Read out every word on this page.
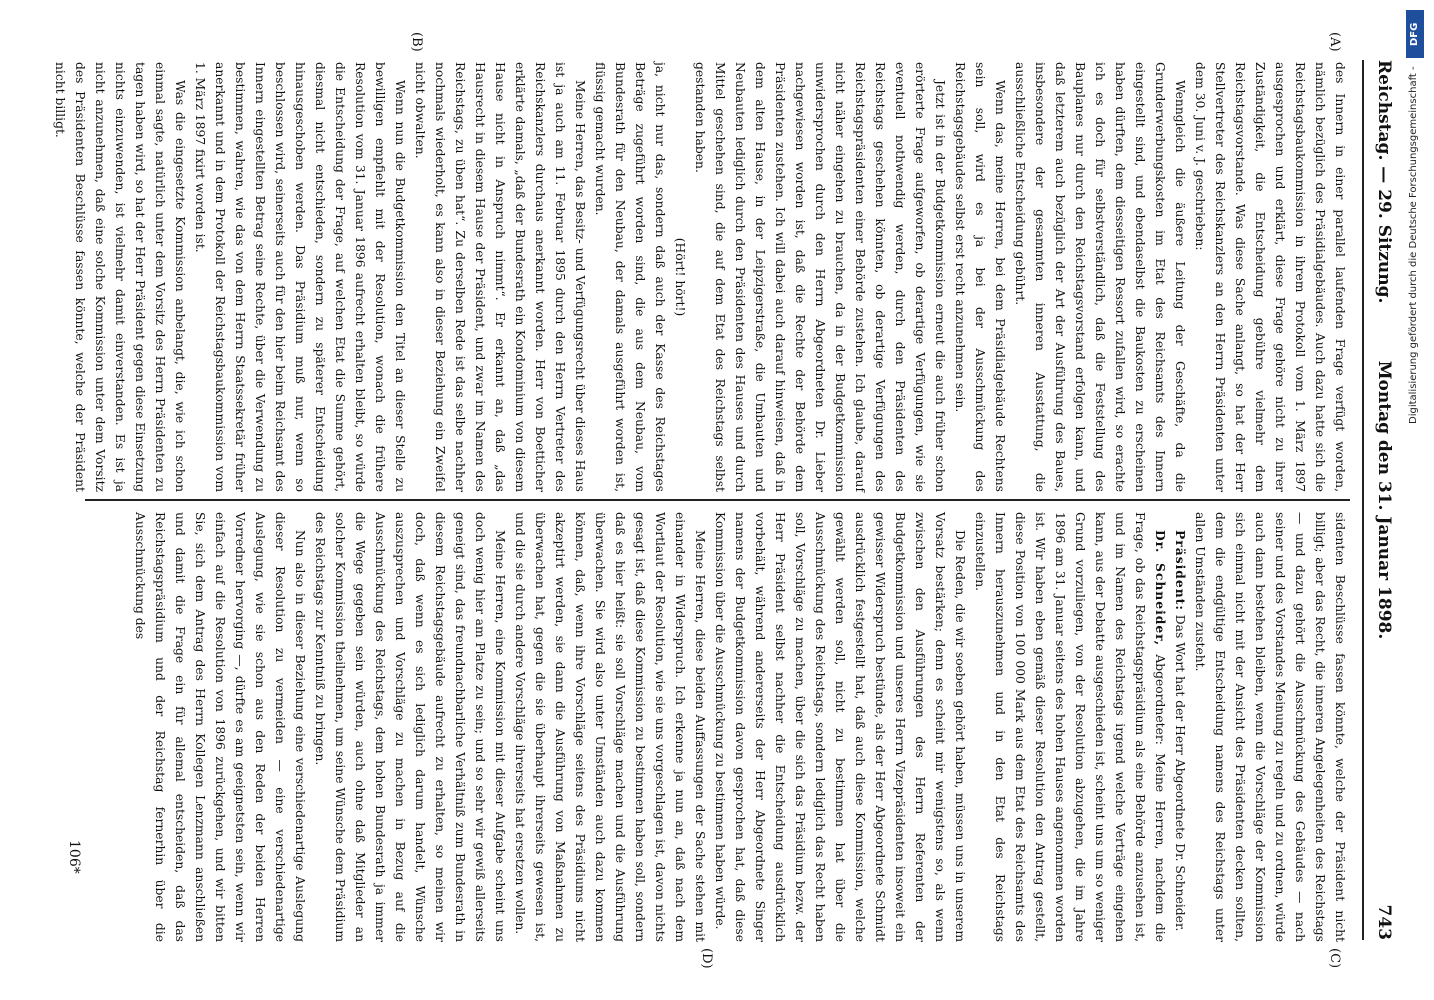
Reichstag. — 29. Sitzung.
Montag den 31. Januar 1898.
743
(A)
(B)
(C)
(D)

des Innern in einer parallel laufenden Frage verfügt worden, nämlich bezüglich des Präsidialgebäudes. Auch dazu hatte sich die Reichstagsbaukommission in ihrem Protokoll vom 1. März 1897 ausgesprochen und erklärt, diese Frage gehöre nicht zu ihrer Zuständigkeit, die Entscheidung gebühre vielmehr dem Reichstagsvorstande. Was diese Sache anlangt, so hat der Herr Stellvertreter des Reichskanzlers an den Herrn Präsidenten unter dem 30. Juni v. J. geschrieben:

Wenngleich die äußere Leitung der Geschäfte, da die Grunderwerbungskosten im Etat des Reichsamts des Innern eingestellt sind, und ebendaselbst die Baukosten zu erscheinen haben dürften, dem diesseitigen Ressort zufallen wird, so erachte ich es doch für selbstverständlich, daß die Feststellung des Bauplanes nur durch den Reichstagsvorstand erfolgen kann, und daß letzterem auch bezüglich der Art der Ausführung des Baues, insbesondere der gesammten inneren Ausstattung, die ausschließliche Entscheidung gebührt.

Wenn das, meine Herren, bei dem Präsidialgebäude Rechtens sein soll, wird es ja bei der Ausschmückung des Reichstagsgebäudes selbst erst recht anzunehmen sein.

Jetzt ist in der Budgetkommission erneut die auch früher schon erörterte Frage aufgeworfen, ob derartige Verfügungen, wie sie eventuell nothwendig werden, durch den Präsidenten des Reichstags geschehen könnten, ob derartige Verfügungen des Reichstagspräsidenten einer Behörde zustehen. Ich glaube, darauf nicht näher eingehen zu brauchen, da in der Budgetkommission unwidersprochen durch den Herrn Abgeordneten Dr. Lieber nachgewiesen worden ist, daß die Rechte der Behörde dem Präsidenten zustehen. Ich will dabei auch darauf hinweisen, daß in dem alten Hause, in der Leipzigerstraße, die Umbauten und Neubauten lediglich durch den Präsidenten des Hauses und durch Mittel geschehen sind, die auf dem Etat des Reichstags selbst gestanden haben.

(Hört! hört!)

ja, nicht nur das, sondern daß auch der Kasse des Reichstages Beträge zugeführt worden sind, die aus dem Neubau, vom Bundesrath für den Neubau, der damals ausgeführt worden ist, flüssig gemacht wurden.

Meine Herren, das Besitz- und Verfügungsrecht über dieses Haus ist ja auch am 11. Februar 1895 durch den Herrn Vertreter des Reichskanzlers durchaus anerkannt worden. Herr von Boetticher erklärte damals, „daß der Bundesrath ein Kondominium von diesem Hause nicht in Anspruch nimmt“. Er erkannt an, daß „das Hausrecht in diesem Hause der Präsident, und zwar im Namen des Reichstags, zu üben hat“. Zu derselben Rede ist das selbe nachher nochmals wiederholt, es kann also in dieser Beziehung ein Zweifel nicht obwalten.

Wenn nun die Budgetkommission den Titel an dieser Stelle zu bewilligen empfiehlt mit der Resolution, wonach die frühere Resolution vom 31. Januar 1896 aufrecht erhalten bleibt, so würde die Entscheidung der Frage, auf welchen Etat die Summe gehört, diesmal nicht entschieden, sondern zu späterer Entscheidung hinausgeschoben werden. Das Präsidium muß nur, wenn so beschlossen wird, seinerseits auch für den hier beim Reichsamt des Innern eingestellten Betrag seine Rechte, über die Verwendung zu bestimmen, wahren, wie das von dem Herrn Staatssekretär früher anerkannt und in dem Protokoll der Reichstagsbaukommission vom 1. März 1897 fixirt worden ist.

Was die eingesetzte Kommission anbelangt, die, wie ich schon einmal sagte, natürlich unter dem Vorsitz des Herrn Präsidenten zu tagen haben wird, so hat der Herr Präsident gegen diese Einsetzung nichts einzuwenden, ist vielmehr damit einverstanden. Es ist ja nicht anzunehmen, daß eine solche Kommission unter dem Vorsitz des Präsidenten Beschlüsse fassen könnte, welche der Präsident nicht billigt.

sidenten Beschlüsse fassen könnte, welche der Präsident nicht billigt; aber das Recht, die inneren Angelegenheiten des Reichstags — und dazu gehört die Ausschmückung des Gebäudes — nach seiner und des Vorstandes Meinung zu regeln und zu ordnen, würde auch dann bestehen bleiben, wenn die Vorschläge der Kommission sich einmal nicht mit der Ansicht des Präsidenten decken sollten, dem die endgültige Entscheidung namens des Reichstags unter allen Umständen zusteht.

Präsident: Das Wort hat der Herr Abgeordnete Dr. Schneider.

Dr. Schneider, Abgeordneter: Meine Herren, nachdem die Frage, ob das Reichstagspräsidium als eine Behörde anzusehen ist, und im Namen des Reichstags irgend welche Verträge eingehen kann, aus der Debatte ausgeschieden ist, scheint uns um so weniger Grund vorzuliegen, von der Resolution abzugehen, die im Jahre 1896 am 31. Januar seitens des hohen Hauses angenommen worden ist. Wir haben eben gemäß dieser Resolution den Antrag gestellt, diese Position von 100 000 Mark aus dem Etat des Reichsamts des Innern herauszunehmen und in den Etat des Reichstags einzustellen.

Die Reden, die wir soeben gehört haben, müssen uns in unserem Vorsatz bestärken; denn es scheint mir wenigstens so, als wenn zwischen den Ausführungen des Herrn Referenten der Budgetkommission und unseres Herrn Vizepräsidenten insoweit ein gewisser Widerspruch bestünde, als der Herr Abgeordnete Schmidt ausdrücklich festgestellt hat, daß auch diese Kommission, welche gewählt werden soll, nicht zu bestimmen hat über die Ausschmückung des Reichstags, sondern lediglich das Recht haben soll, Vorschläge zu machen, über die sich das Präsidium bezw. der Herr Präsident selbst nachher die Entscheidung ausdrücklich vorbehält, während andererseits der Herr Abgeordnete Singer namens der Budgetkommission davon gesprochen hat, daß diese Kommission über die Ausschmückung zu bestimmen haben würde.

Meine Herren, diese beiden Auffassungen der Sache stehen mit einander in Widerspruch. Ich erkenne ja nun an, daß nach dem Wortlaut der Resolution, wie sie uns vorgeschlagen ist, davon nichts gesagt ist, daß diese Kommission zu bestimmen haben soll, sondern daß es hier heißt: sie soll Vorschläge machen und die Ausführung überwachen. Sie wird also unter Umständen auch dazu kommen können, daß, wenn ihre Vorschläge seitens des Präsidiums nicht akzeptirt werden, sie dann die Ausführung von Maßnahmen zu überwachen hat, gegen die sie überhaupt ihrerseits gewesen ist, und die sie durch andere Vorschläge ihrerseits hat ersetzen wollen.

Meine Herren, eine Kommission mit dieser Aufgabe scheint uns doch wenig hier am Platze zu sein; und so sehr wir gewiß allerseits geneigt sind, das freundnachbarliche Verhältniß zum Bundesrath in diesem Reichstagsgebäude aufrecht zu erhalten, so meinen wir doch, daß wenn es sich lediglich darum handelt, Wünsche auszusprechen und Vorschläge zu machen in Bezug auf die Ausschmückung des Reichstags, dem hohen Bundesrath ja immer die Wege gegeben sein würden, auch ohne daß Mitglieder an solcher Kommission theilnehmen, um seine Wünsche dem Präsidium des Reichstags zur Kenntniß zu bringen.

Nun also in dieser Beziehung eine verschiedenartige Auslegung dieser Resolution zu vermeiden — eine verschiedenartige Auslegung, wie sie schon aus den Reden der beiden Herren Vorredner hervorging —, dürfte es am geeignetsten sein, wenn wir einfach auf die Resolution von 1896 zurückgehen, und wir bitten Sie, sich dem Antrag des Herrn Kollegen Lenzmann anschließen und damit die Frage ein für allemal entscheiden, daß das Reichstagspräsidium und der Reichstag fernerhin über die Ausschmückung des

106*
DFG
Digitalisierung gefördert durch die Deutsche Forschungsgemeinschaft -
